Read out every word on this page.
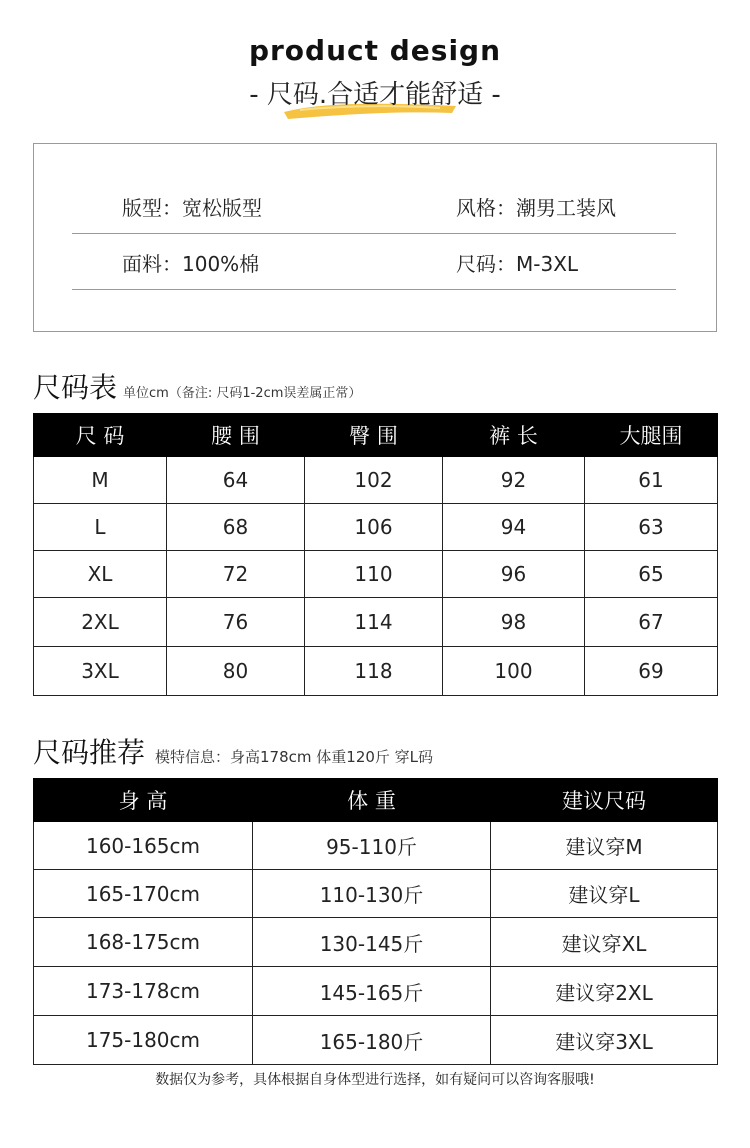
product design
- 尺码.合适才能舒适 -
版型：宽松版型	风格：潮男工装风
面料：100%棉	尺码：M-3XL
尺码表 单位cm（备注: 尺码1-2cm误差属正常）
尺 码	腰 围	臀 围	裤 长	大腿围
M	64	102	92	61
L	68	106	94	63
XL	72	110	96	65
2XL	76	114	98	67
3XL	80	118	100	69
尺码推荐 模特信息：身高178cm 体重120斤 穿L码
身 高	体 重	建议尺码
160-165cm	95-110斤	建议穿M
165-170cm	110-130斤	建议穿L
168-175cm	130-145斤	建议穿XL
173-178cm	145-165斤	建议穿2XL
175-180cm	165-180斤	建议穿3XL
数据仅为参考，具体根据自身体型进行选择，如有疑问可以咨询客服哦!
